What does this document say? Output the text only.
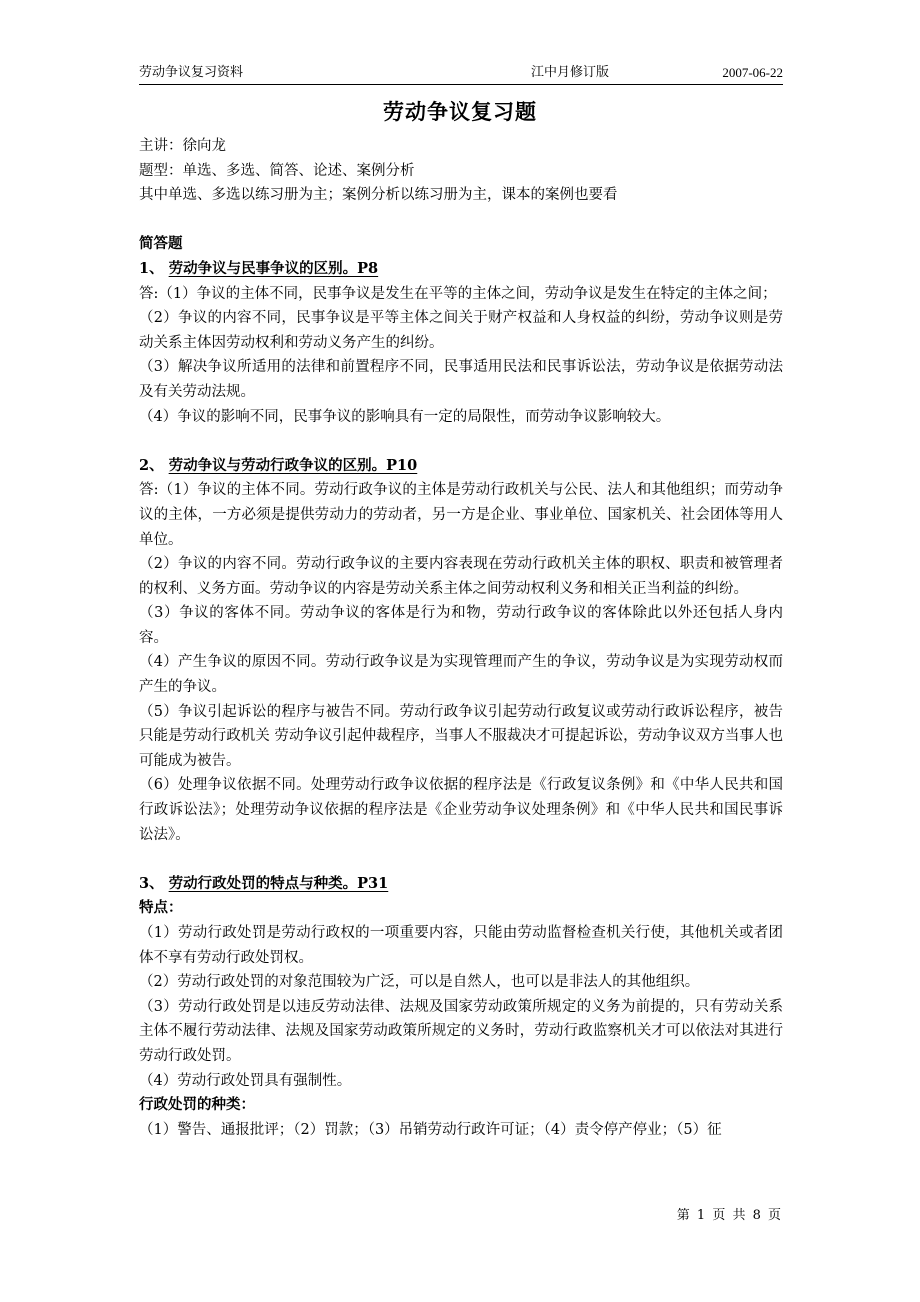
劳动争议复习资料	江中月修订版	2007-06-22
劳动争议复习题

主讲：徐向龙

题型：单选、多选、简答、论述、案例分析

其中单选、多选以练习册为主；案例分析以练习册为主，课本的案例也要看

简答题

1、 劳动争议与民事争议的区别。P8

答:（1）争议的主体不同，民事争议是发生在平等的主体之间，劳动争议是发生在特定的主体之间；

（2）争议的内容不同，民事争议是平等主体之间关于财产权益和人身权益的纠纷，劳动争议则是劳动关系主体因劳动权利和劳动义务产生的纠纷。

（3）解决争议所适用的法律和前置程序不同，民事适用民法和民事诉讼法，劳动争议是依据劳动法及有关劳动法规。

（4）争议的影响不同，民事争议的影响具有一定的局限性，而劳动争议影响较大。

2、 劳动争议与劳动行政争议的区别。P10

答:（1）争议的主体不同。劳动行政争议的主体是劳动行政机关与公民、法人和其他组织；而劳动争议的主体，一方必须是提供劳动力的劳动者，另一方是企业、事业单位、国家机关、社会团体等用人单位。

（2）争议的内容不同。劳动行政争议的主要内容表现在劳动行政机关主体的职权、职责和被管理者的权利、义务方面。劳动争议的内容是劳动关系主体之间劳动权利义务和相关正当利益的纠纷。

（3）争议的客体不同。劳动争议的客体是行为和物，劳动行政争议的客体除此以外还包括人身内容。

（4）产生争议的原因不同。劳动行政争议是为实现管理而产生的争议，劳动争议是为实现劳动权而产生的争议。

（5）争议引起诉讼的程序与被告不同。劳动行政争议引起劳动行政复议或劳动行政诉讼程序，被告只能是劳动行政机关 劳动争议引起仲裁程序，当事人不服裁决才可提起诉讼，劳动争议双方当事人也可能成为被告。

（6）处理争议依据不同。处理劳动行政争议依据的程序法是《行政复议条例》和《中华人民共和国行政诉讼法》；处理劳动争议依据的程序法是《企业劳动争议处理条例》和《中华人民共和国民事诉讼法》。

3、 劳动行政处罚的特点与种类。P31

特点：

（1）劳动行政处罚是劳动行政权的一项重要内容，只能由劳动监督检查机关行使，其他机关或者团体不享有劳动行政处罚权。

（2）劳动行政处罚的对象范围较为广泛，可以是自然人，也可以是非法人的其他组织。

（3）劳动行政处罚是以违反劳动法律、法规及国家劳动政策所规定的义务为前提的，只有劳动关系主体不履行劳动法律、法规及国家劳动政策所规定的义务时，劳动行政监察机关才可以依法对其进行劳动行政处罚。

（4）劳动行政处罚具有强制性。

行政处罚的种类：

（1）警告、通报批评；（2）罚款；（3）吊销劳动行政许可证；（4）责令停产停业；（5）征

第 1 页 共 8 页
